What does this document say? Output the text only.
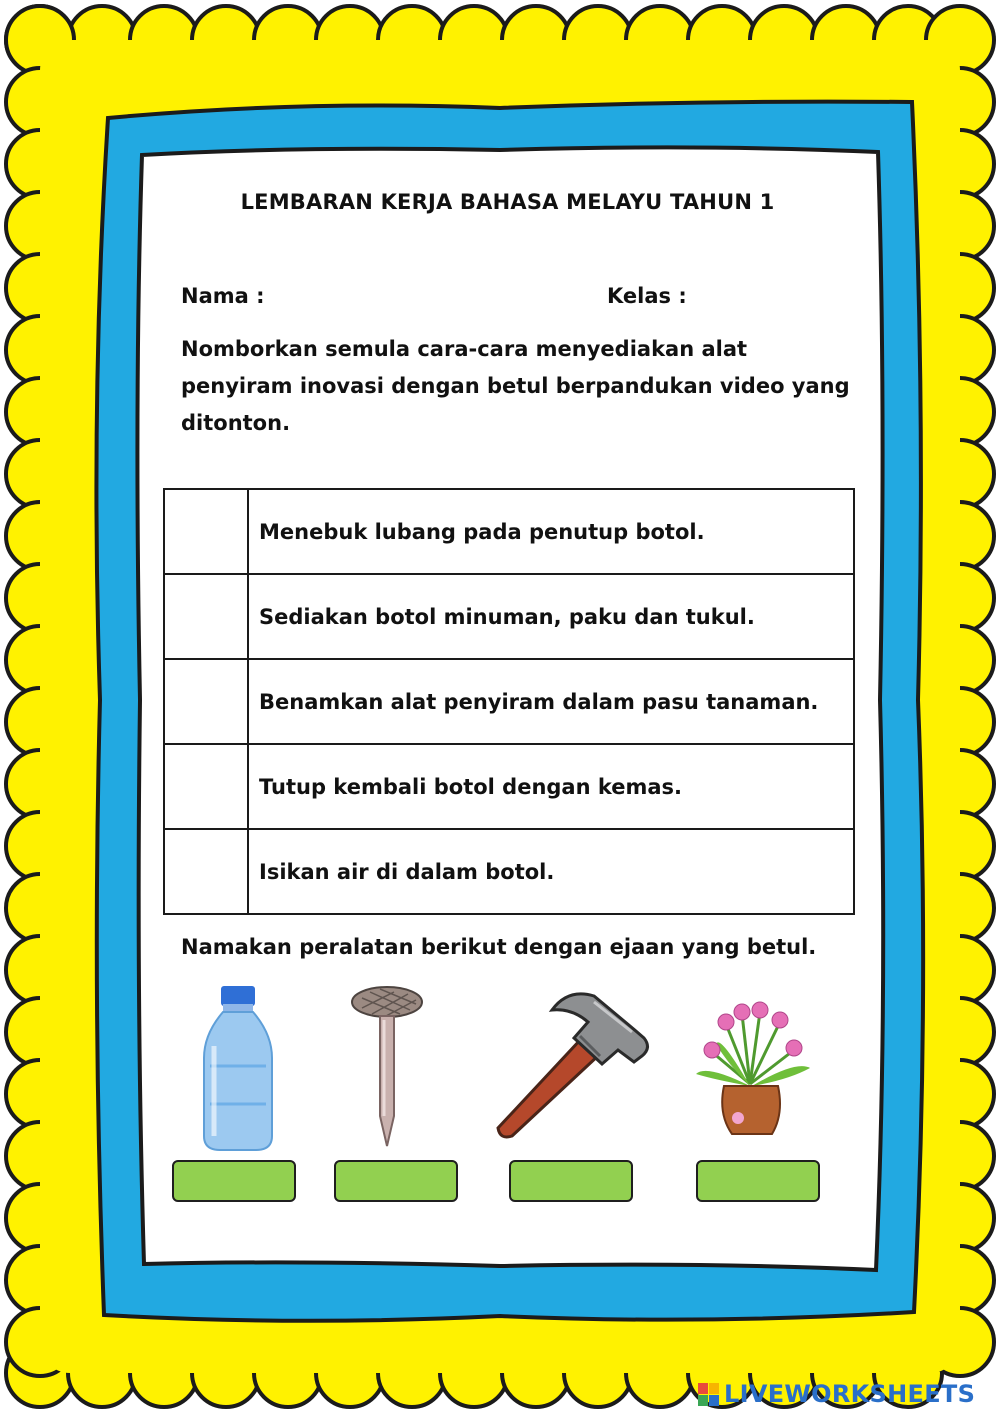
LEMBARAN KERJA BAHASA MELAYU TAHUN 1
Nama :	Kelas :
Nomborkan semula cara-cara menyediakan alat penyiram inovasi dengan betul berpandukan video yang ditonton.
	Menebuk lubang pada penutup botol.
	Sediakan botol minuman, paku dan tukul.
	Benamkan alat penyiram dalam pasu tanaman.
	Tutup kembali botol dengan kemas.
	Isikan air di dalam botol.
Namakan peralatan berikut dengan ejaan yang betul.
LIVEWORKSHEETS
